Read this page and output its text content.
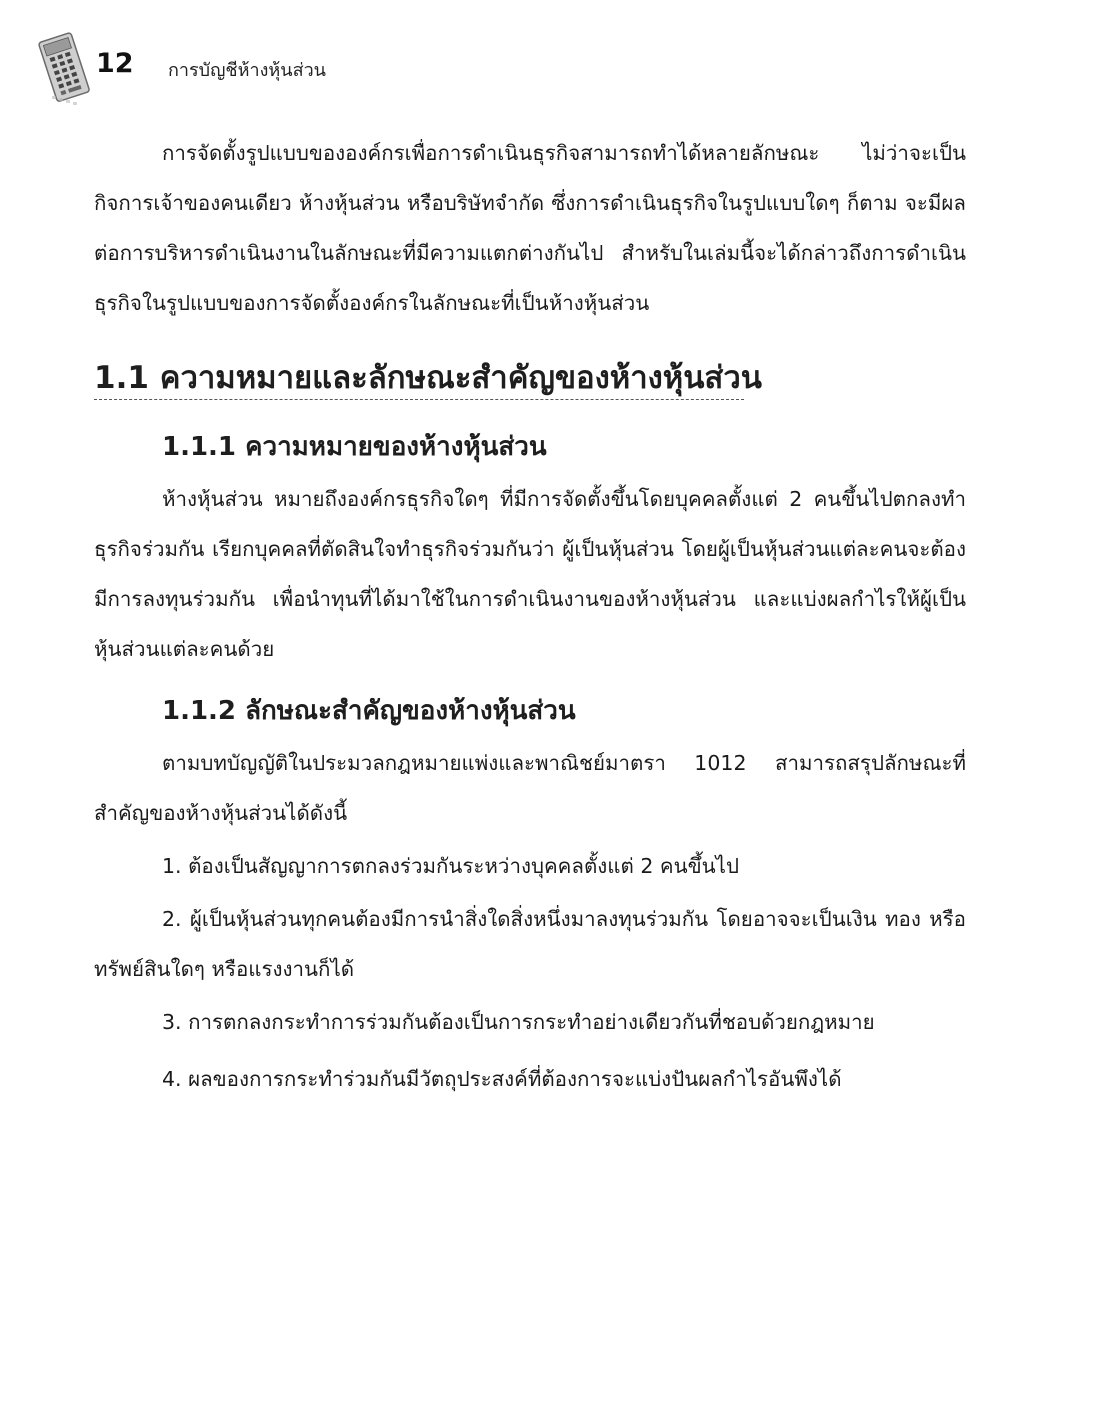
12 การบัญชีห้างหุ้นส่วน

การจัดตั้งรูปแบบขององค์กรเพื่อการดำเนินธุรกิจสามารถทำได้หลายลักษณะ ไม่ว่าจะเป็นกิจการเจ้าของคนเดียว ห้างหุ้นส่วน หรือบริษัทจำกัด ซึ่งการดำเนินธุรกิจในรูปแบบใดๆ ก็ตาม จะมีผลต่อการบริหารดำเนินงานในลักษณะที่มีความแตกต่างกันไป สำหรับในเล่มนี้จะได้กล่าวถึงการดำเนินธุรกิจในรูปแบบของการจัดตั้งองค์กรในลักษณะที่เป็นห้างหุ้นส่วน

1.1 ความหมายและลักษณะสำคัญของห้างหุ้นส่วน
1.1.1 ความหมายของห้างหุ้นส่วน

ห้างหุ้นส่วน หมายถึงองค์กรธุรกิจใดๆ ที่มีการจัดตั้งขึ้นโดยบุคคลตั้งแต่ 2 คนขึ้นไปตกลงทำธุรกิจร่วมกัน เรียกบุคคลที่ตัดสินใจทำธุรกิจร่วมกันว่า ผู้เป็นหุ้นส่วน โดยผู้เป็นหุ้นส่วนแต่ละคนจะต้องมีการลงทุนร่วมกัน เพื่อนำทุนที่ได้มาใช้ในการดำเนินงานของห้างหุ้นส่วน และแบ่งผลกำไรให้ผู้เป็นหุ้นส่วนแต่ละคนด้วย

1.1.2 ลักษณะสำคัญของห้างหุ้นส่วน

ตามบทบัญญัติในประมวลกฎหมายแพ่งและพาณิชย์มาตรา 1012 สามารถสรุปลักษณะที่สำคัญของห้างหุ้นส่วนได้ดังนี้

1. ต้องเป็นสัญญาการตกลงร่วมกันระหว่างบุคคลตั้งแต่ 2 คนขึ้นไป

2. ผู้เป็นหุ้นส่วนทุกคนต้องมีการนำสิ่งใดสิ่งหนึ่งมาลงทุนร่วมกัน โดยอาจจะเป็นเงิน ทอง หรือทรัพย์สินใดๆ หรือแรงงานก็ได้

3. การตกลงกระทำการร่วมกันต้องเป็นการกระทำอย่างเดียวกันที่ชอบด้วยกฎหมาย

4. ผลของการกระทำร่วมกันมีวัตถุประสงค์ที่ต้องการจะแบ่งปันผลกำไรอันพึงได้
